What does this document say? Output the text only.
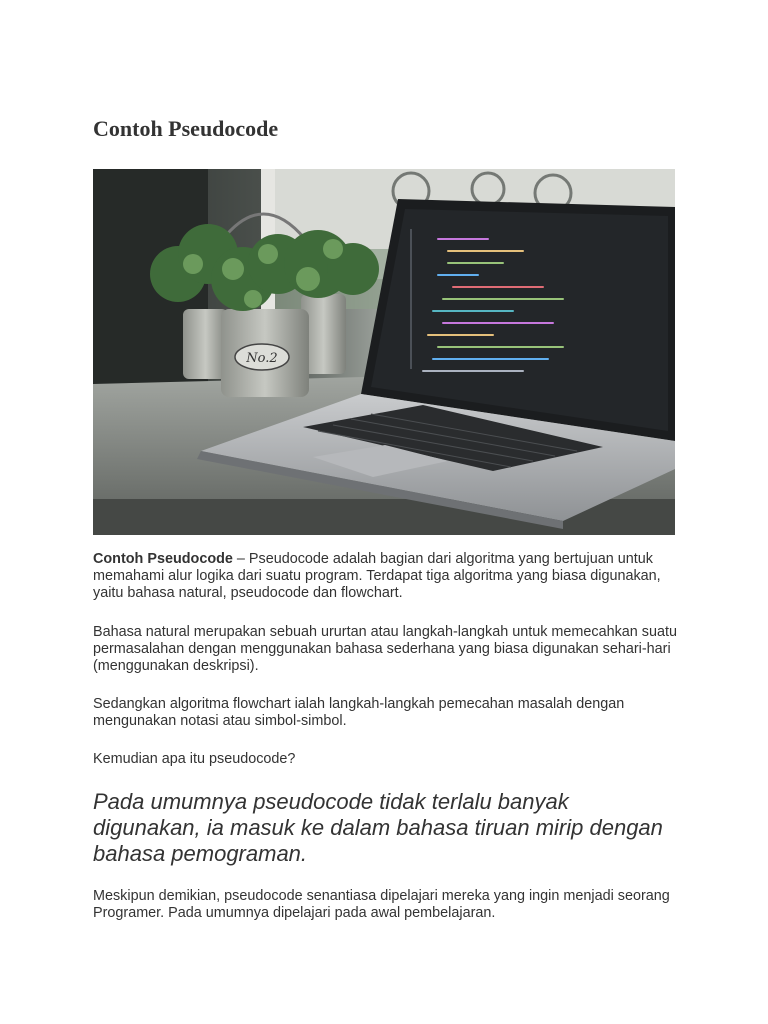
Contoh Pseudocode
No.2

Contoh Pseudocode – Pseudocode adalah bagian dari algoritma yang bertujuan untuk memahami alur logika dari suatu program. Terdapat tiga algoritma yang biasa digunakan, yaitu bahasa natural, pseudocode dan flowchart.

Bahasa natural merupakan sebuah ururtan atau langkah-langkah untuk memecahkan suatu permasalahan dengan menggunakan bahasa sederhana yang biasa digunakan sehari-hari (menggunakan deskripsi).

Sedangkan algoritma flowchart ialah langkah-langkah pemecahan masalah dengan mengunakan notasi atau simbol-simbol.

Kemudian apa itu pseudocode?

Pada umumnya pseudocode tidak terlalu banyak digunakan, ia masuk ke dalam bahasa tiruan mirip dengan bahasa pemograman.

Meskipun demikian, pseudocode senantiasa dipelajari mereka yang ingin menjadi seorang Programer. Pada umumnya dipelajari pada awal pembelajaran.
